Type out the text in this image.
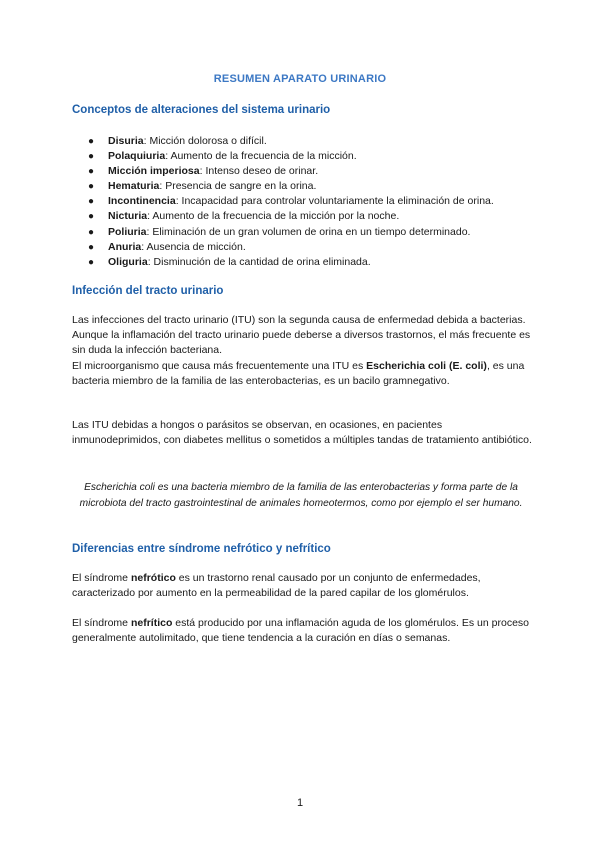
RESUMEN APARATO URINARIO
Conceptos de alteraciones del sistema urinario
● Disuria: Micción dolorosa o difícil.
● Polaquiuria: Aumento de la frecuencia de la micción.
● Micción imperiosa: Intenso deseo de orinar.
● Hematuria: Presencia de sangre en la orina.
● Incontinencia: Incapacidad para controlar voluntariamente la eliminación de orina.
● Nicturia: Aumento de la frecuencia de la micción por la noche.
● Poliuria: Eliminación de un gran volumen de orina en un tiempo determinado.
● Anuria: Ausencia de micción.
● Oliguria: Disminución de la cantidad de orina eliminada.
Infección del tracto urinario

Las infecciones del tracto urinario (ITU) son la segunda causa de enfermedad debida a bacterias.

Aunque la inflamación del tracto urinario puede deberse a diversos trastornos, el más frecuente es sin duda la infección bacteriana.

El microorganismo que causa más frecuentemente una ITU es Escherichia coli (E. coli), es una bacteria miembro de la familia de las enterobacterias, es un bacilo gramnegativo.

Las ITU debidas a hongos o parásitos se observan, en ocasiones, en pacientes inmunodeprimidos, con diabetes mellitus o sometidos a múltiples tandas de tratamiento antibiótico.

Escherichia coli es una bacteria miembro de la familia de las enterobacterias y forma parte de la microbiota del tracto gastrointestinal de animales homeotermos, como por ejemplo el ser humano.
Diferencias entre síndrome nefrótico y nefrítico

El síndrome nefrótico es un trastorno renal causado por un conjunto de enfermedades, caracterizado por aumento en la permeabilidad de la pared capilar de los glomérulos.

El síndrome nefrítico está producido por una inflamación aguda de los glomérulos. Es un proceso generalmente autolimitado, que tiene tendencia a la curación en días o semanas.

1
